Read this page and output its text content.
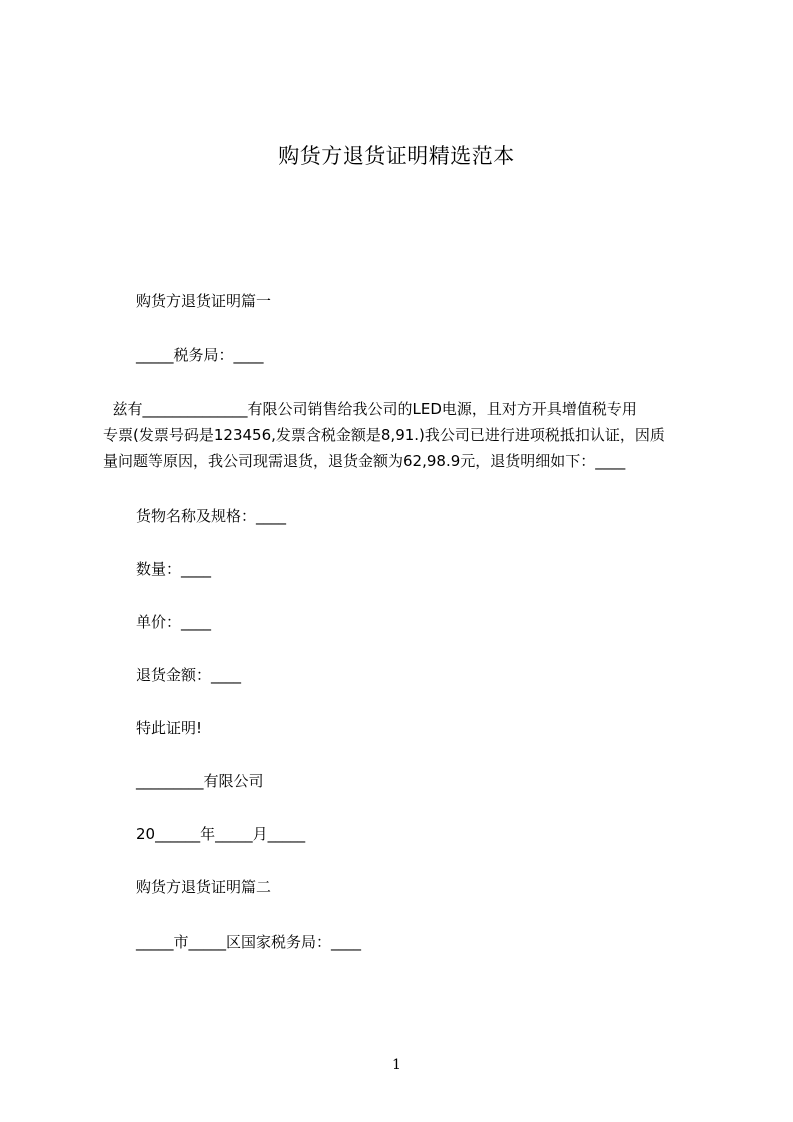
购货方退货证明精选范本
购货方退货证明篇一
_____税务局：____
兹有______________有限公司销售给我公司的LED电源，且对方开具增值税专用
专票(发票号码是123456,发票含税金额是8,91.)我公司已进行进项税抵扣认证，因质
量问题等原因，我公司现需退货，退货金额为62,98.9元，退货明细如下：____
货物名称及规格：____
数量：____
单价：____
退货金额：____
特此证明!
_________有限公司
20______年_____月_____
购货方退货证明篇二
_____市_____区国家税务局：____
1
